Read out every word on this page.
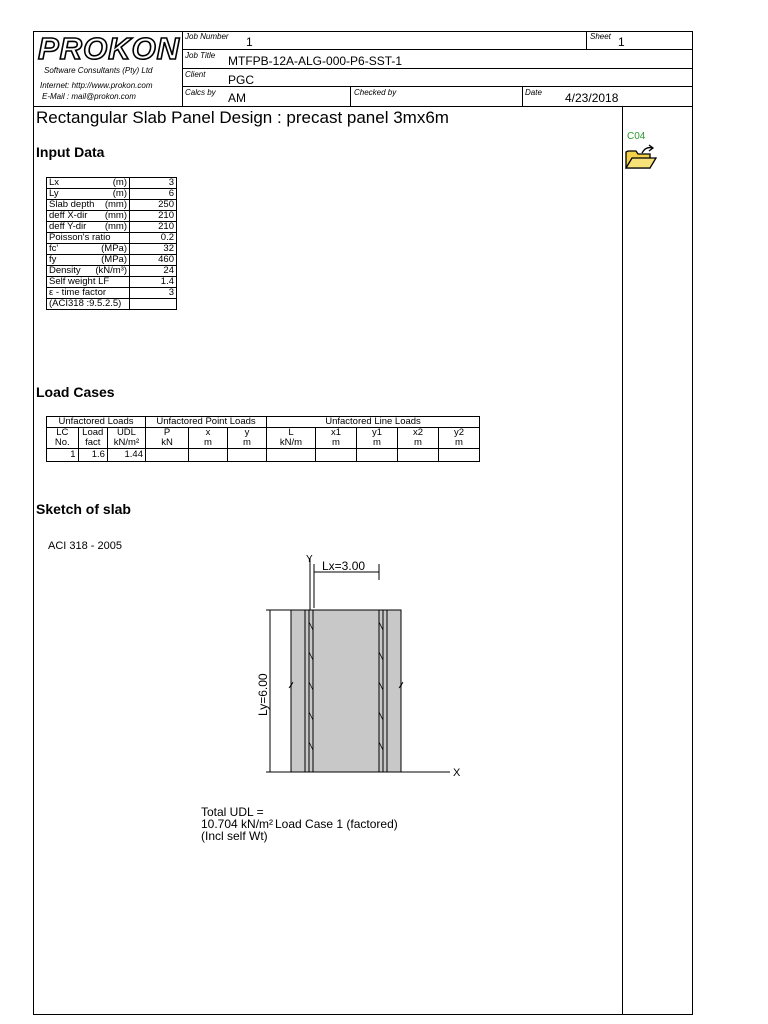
PROKON
Software Consultants (Pty) Ltd
Internet: http://www.prokon.com
E-Mail : mail@prokon.com
Job Number 1	Sheet 1
Job Title MTFPB-12A-ALG-000-P6-SST-1
Client PGC
Calcs by AM	Checked by	Date 4/23/2018
Rectangular Slab Panel Design : precast panel 3mx6m
C04
Input Data
Lx (m)	3

Ly (m)	6

Slab depth (mm)	250

deff X-dir (mm)	210

deff Y-dir (mm)	210

Poisson's ratio	0.2

fc' (MPa)	32

fy (MPa)	460

Density (kN/m³)	24

Self weight LF	1.4

ε - time factor	3

(ACI318 :9.5.2.5)	

Load Cases
Unfactored Loads			Unfactored Point Loads			Unfactored Line Loads				
LC	Load	UDL	P	x	y	L	x1	y1	x2	y2
No.	fact	kN/m²	kN	m	m	kN/m	m	m	m	m
1	1.6	1.44								
Sketch of slab
ACI 318 - 2005
Y
X
Lx=3.00
Ly=6.00
Total UDL =
10.704 kN/m²
(Incl self Wt)
Load Case 1 (factored)
